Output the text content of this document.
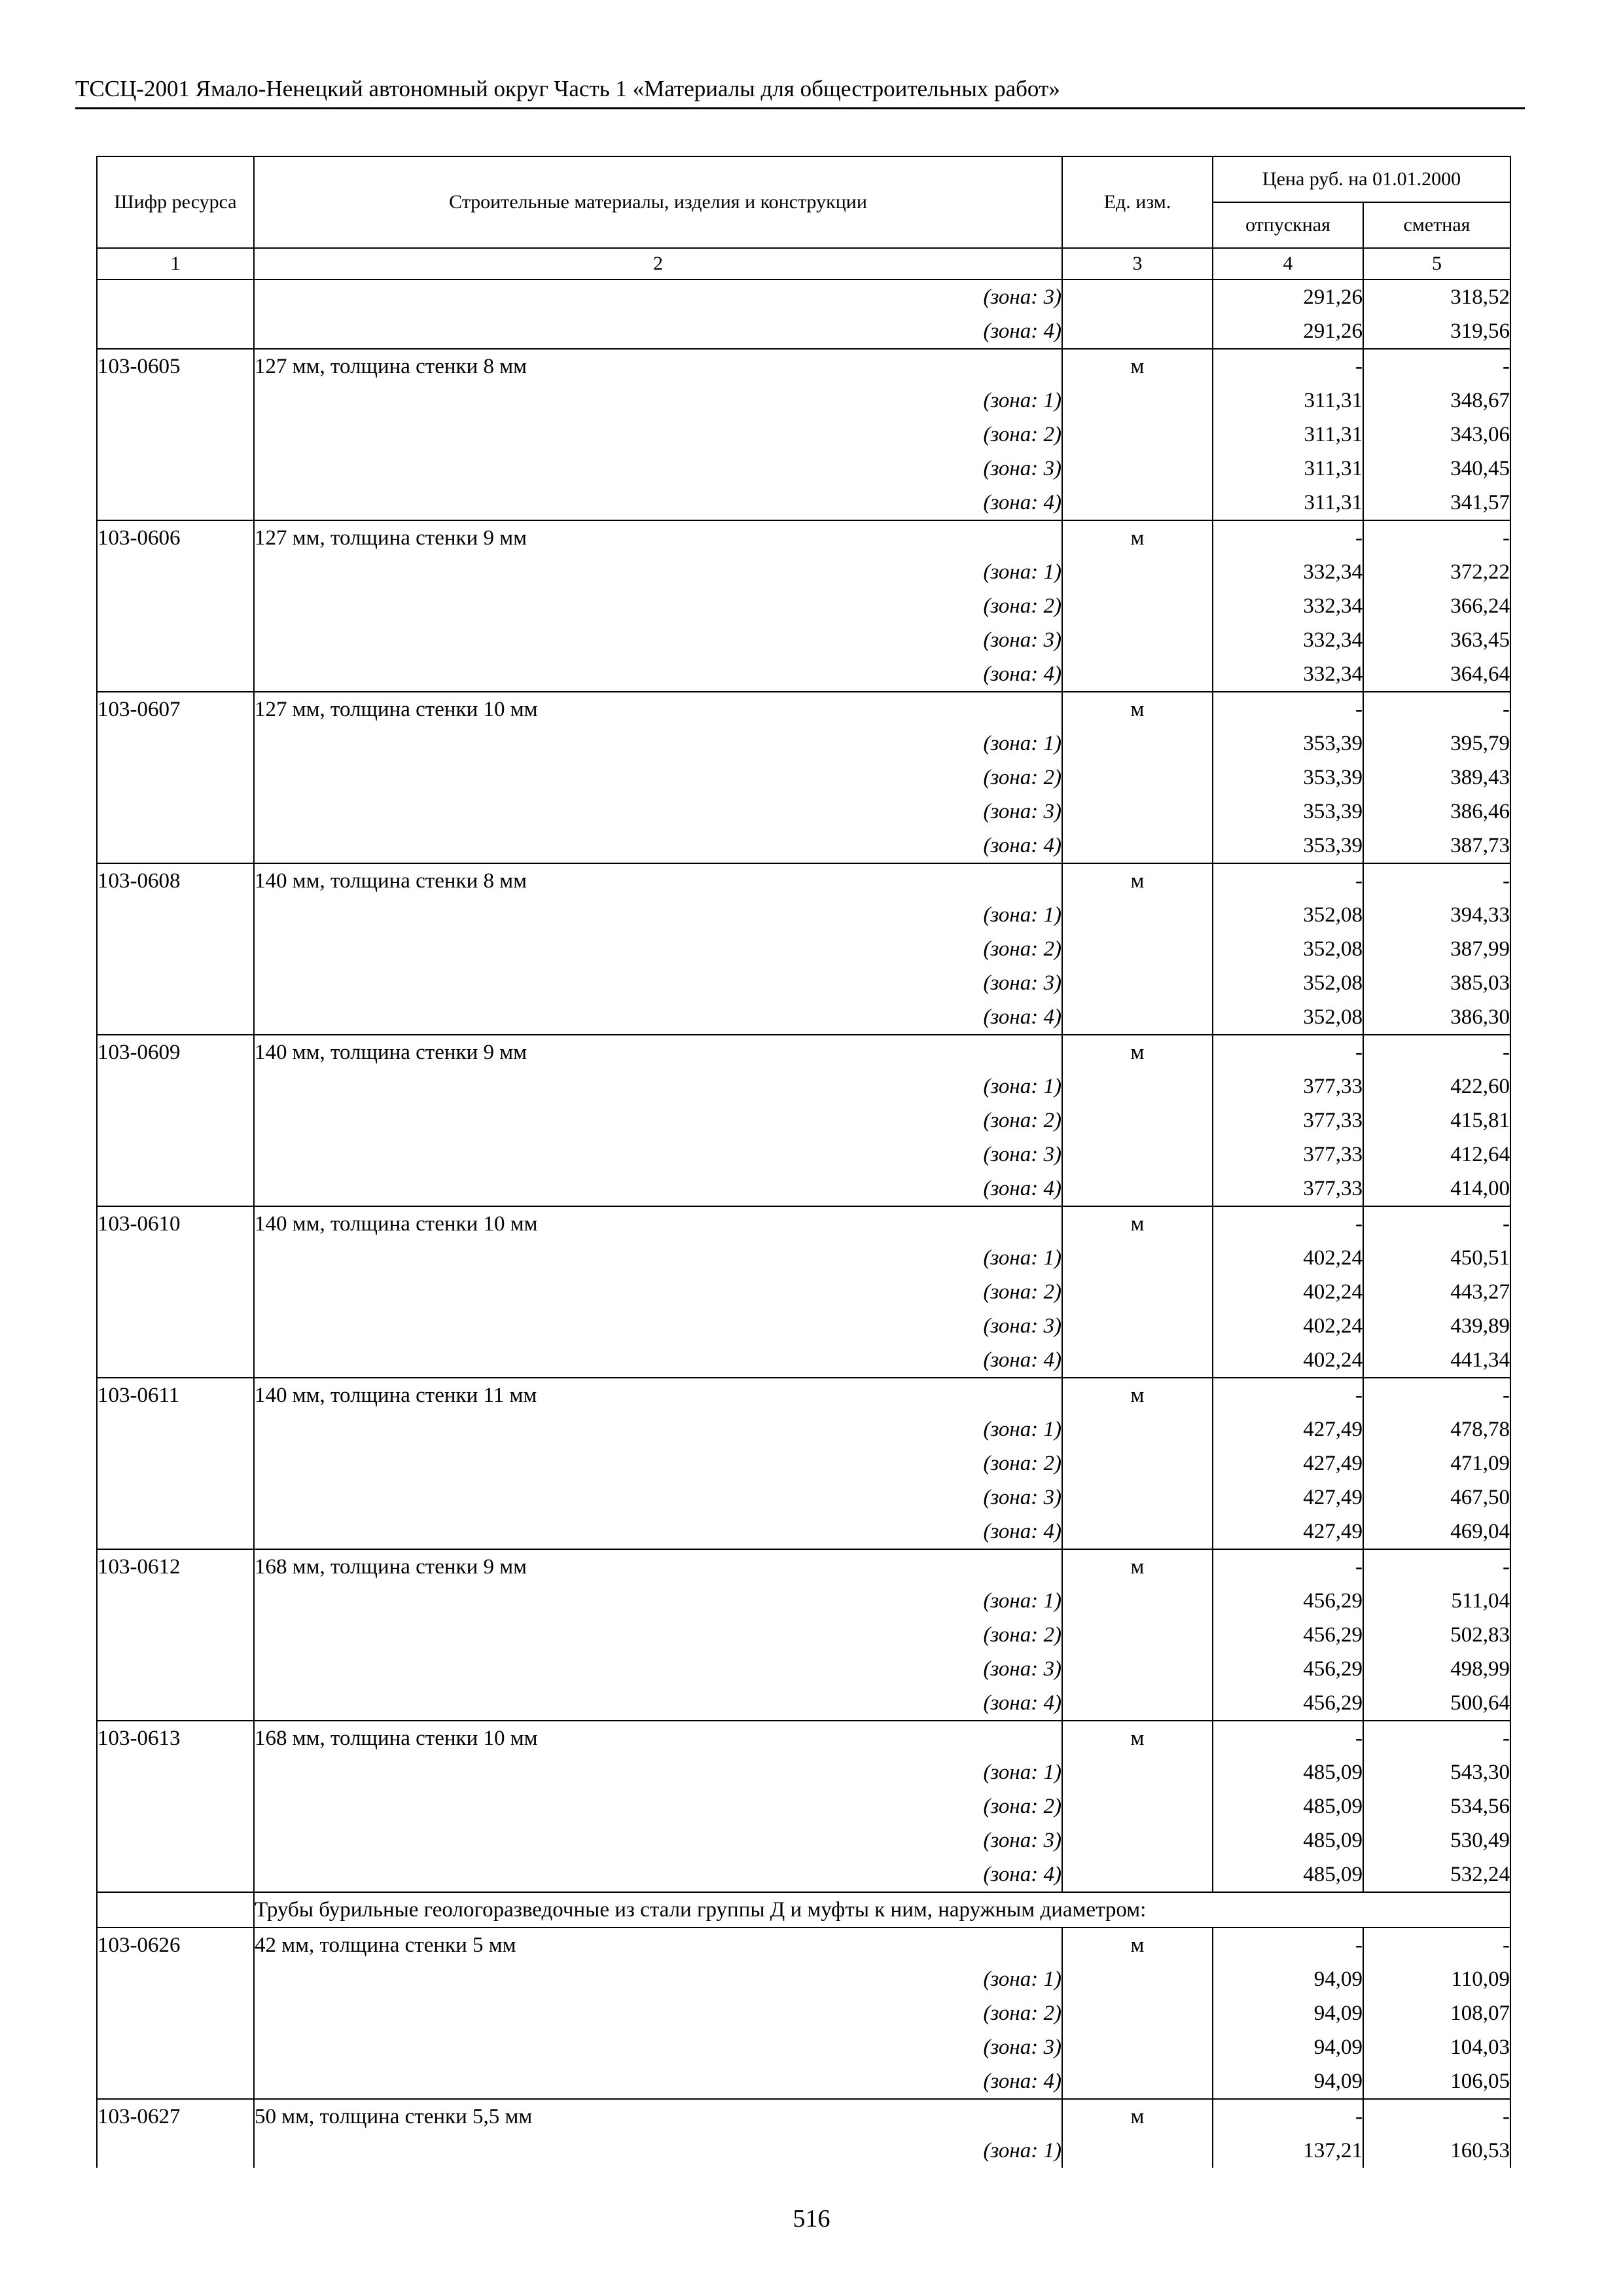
ТССЦ-2001 Ямало-Ненецкий автономный округ Часть 1 «Материалы для общестроительных работ»
Шифр ресурса	Строительные материалы, изделия и конструкции	Ед. изм.	Цена руб. на 01.01.2000	
			отпускная	сметная
1	2	3	4	5
	(зона: 3)		291,26	318,52
	(зона: 4)		291,26	319,56
103-0605	127 мм, толщина стенки 8 мм	м	-	-
	(зона: 1)		311,31	348,67
	(зона: 2)		311,31	343,06
	(зона: 3)		311,31	340,45
	(зона: 4)		311,31	341,57
103-0606	127 мм, толщина стенки 9 мм	м	-	-
	(зона: 1)		332,34	372,22
	(зона: 2)		332,34	366,24
	(зона: 3)		332,34	363,45
	(зона: 4)		332,34	364,64
103-0607	127 мм, толщина стенки 10 мм	м	-	-
	(зона: 1)		353,39	395,79
	(зона: 2)		353,39	389,43
	(зона: 3)		353,39	386,46
	(зона: 4)		353,39	387,73
103-0608	140 мм, толщина стенки 8 мм	м	-	-
	(зона: 1)		352,08	394,33
	(зона: 2)		352,08	387,99
	(зона: 3)		352,08	385,03
	(зона: 4)		352,08	386,30
103-0609	140 мм, толщина стенки 9 мм	м	-	-
	(зона: 1)		377,33	422,60
	(зона: 2)		377,33	415,81
	(зона: 3)		377,33	412,64
	(зона: 4)		377,33	414,00
103-0610	140 мм, толщина стенки 10 мм	м	-	-
	(зона: 1)		402,24	450,51
	(зона: 2)		402,24	443,27
	(зона: 3)		402,24	439,89
	(зона: 4)		402,24	441,34
103-0611	140 мм, толщина стенки 11 мм	м	-	-
	(зона: 1)		427,49	478,78
	(зона: 2)		427,49	471,09
	(зона: 3)		427,49	467,50
	(зона: 4)		427,49	469,04
103-0612	168 мм, толщина стенки 9 мм	м	-	-
	(зона: 1)		456,29	511,04
	(зона: 2)		456,29	502,83
	(зона: 3)		456,29	498,99
	(зона: 4)		456,29	500,64
103-0613	168 мм, толщина стенки 10 мм	м	-	-
	(зона: 1)		485,09	543,30
	(зона: 2)		485,09	534,56
	(зона: 3)		485,09	530,49
	(зона: 4)		485,09	532,24
	Трубы бурильные геологоразведочные из стали группы Д и муфты к ним, наружным диаметром:			
103-0626	42 мм, толщина стенки 5 мм	м	-	-
	(зона: 1)		94,09	110,09
	(зона: 2)		94,09	108,07
	(зона: 3)		94,09	104,03
	(зона: 4)		94,09	106,05
103-0627	50 мм, толщина стенки 5,5 мм	м	-	-
	(зона: 1)		137,21	160,53
516
